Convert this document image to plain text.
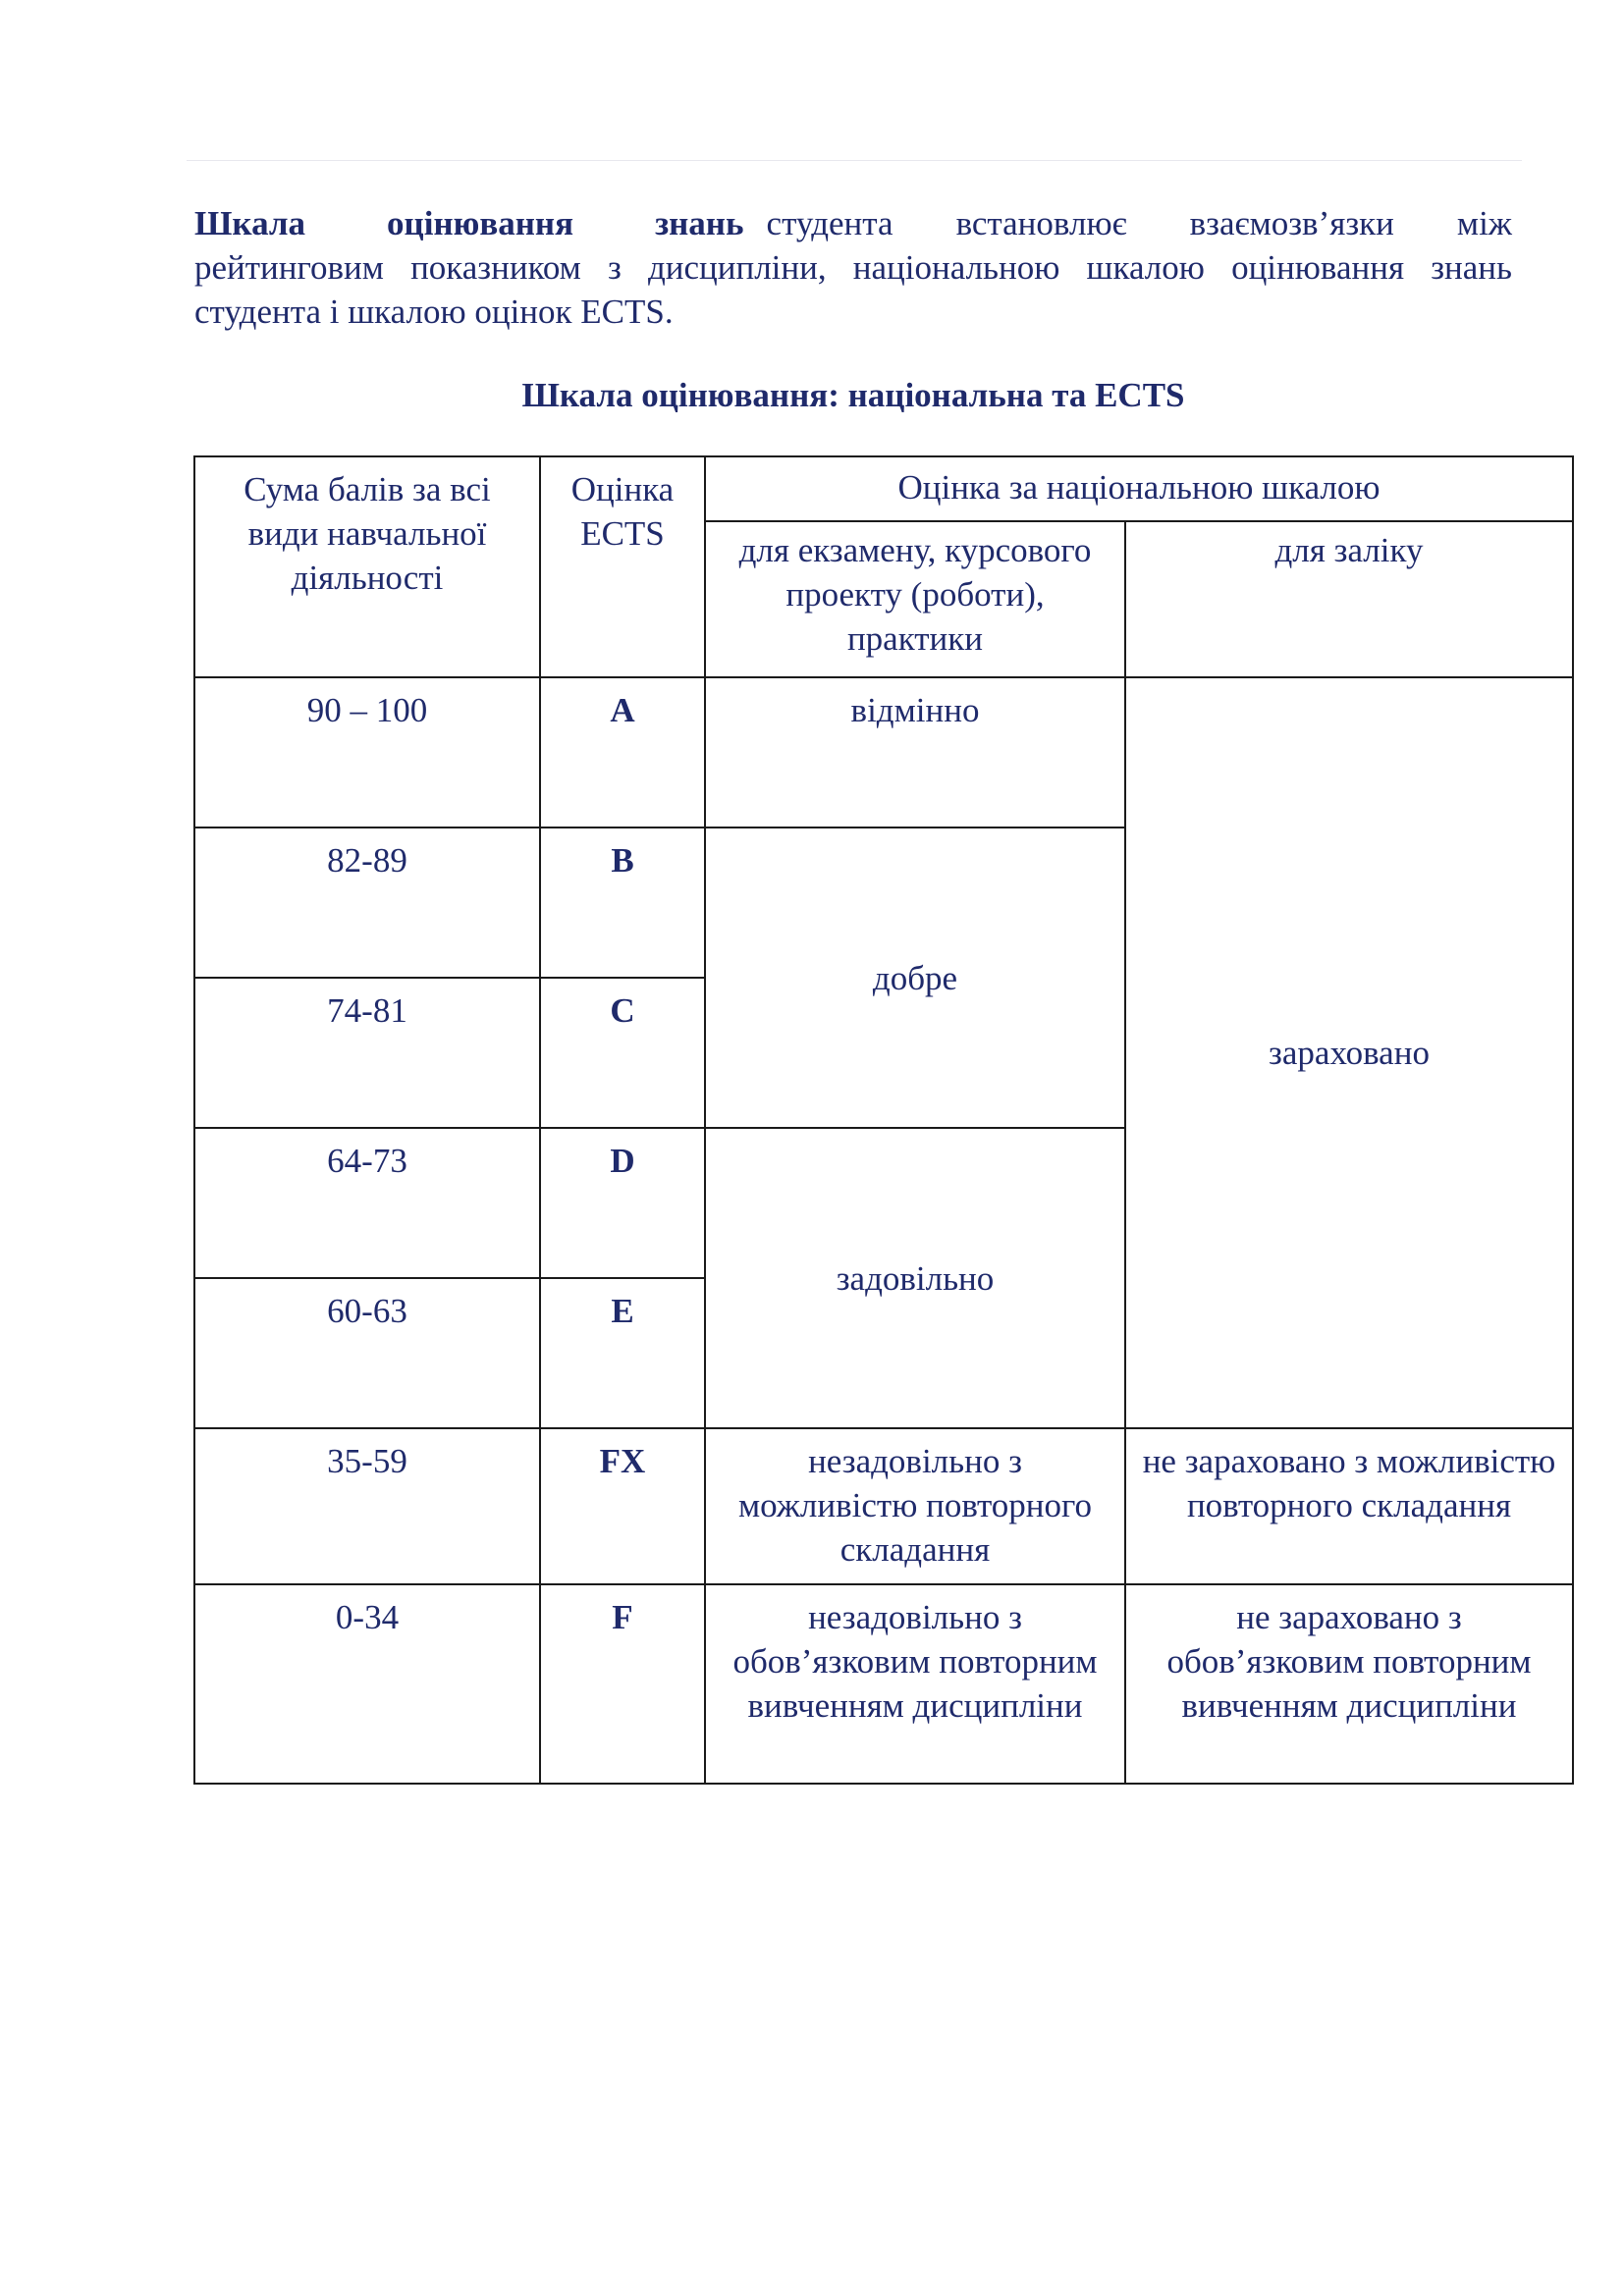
Шкала оцінювання знань студента встановлює взаємозв’язки між рейтинговим показником з дисципліни, національною шкалою оцінювання знань студента і шкалою оцінок ECTS.

Шкала оцінювання: національна та ECTS

Сума балів за всі види навчальної діяльності	Оцінка ECTS	Оцінка за національною шкалою	
		для екзамену, курсового проекту (роботи), практики	для заліку
90 – 100	A	відмінно	зараховано
82-89	B	добре	
74-81	C		
64-73	D	задовільно	
60-63	E		
35-59	FX	незадовільно з можливістю повторного складання	не зараховано з можливістю повторного складання
0-34	F	незадовільно з обов’язковим повторним вивченням дисципліни	не зараховано з обов’язковим повторним вивченням дисципліни
